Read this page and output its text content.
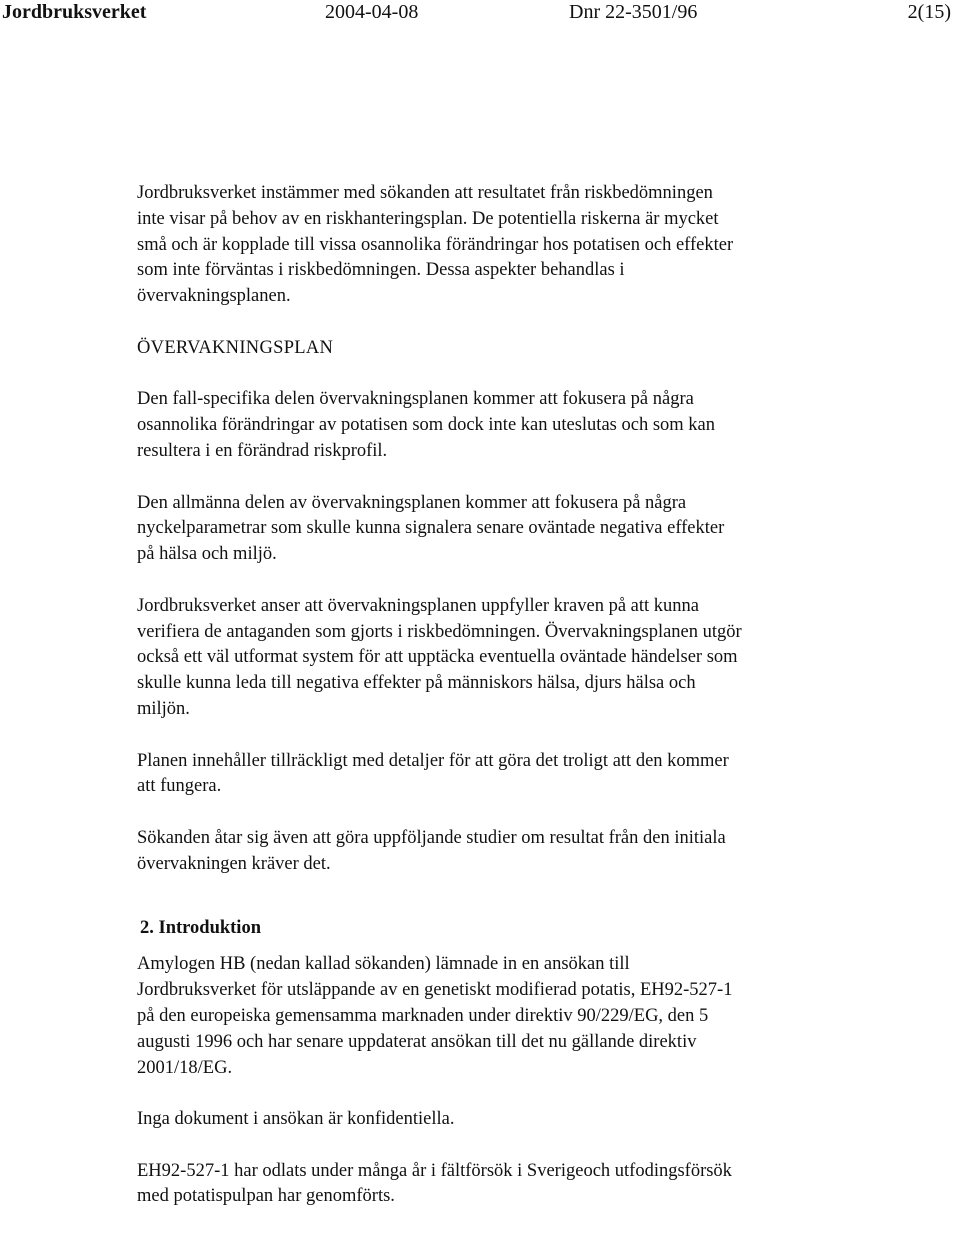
Jordbruksverket	2004-04-08	Dnr 22-3501/96	2(15)

Jordbruksverket instämmer med sökanden att resultatet från riskbedömningen
inte visar på behov av en riskhanteringsplan. De potentiella riskerna är mycket
små och är kopplade till vissa osannolika förändringar hos potatisen och effekter
som inte förväntas i riskbedömningen. Dessa aspekter behandlas i
övervakningsplanen.

ÖVERVAKNINGSPLAN

Den fall-specifika delen övervakningsplanen kommer att fokusera på några
osannolika förändringar av potatisen som dock inte kan uteslutas och som kan
resultera i en förändrad riskprofil.

Den allmänna delen av övervakningsplanen kommer att fokusera på några
nyckelparametrar som skulle kunna signalera senare oväntade negativa effekter
på hälsa och miljö.

Jordbruksverket anser att övervakningsplanen uppfyller kraven på att kunna
verifiera de antaganden som gjorts i riskbedömningen. Övervakningsplanen utgör
också ett väl utformat system för att upptäcka eventuella oväntade händelser som
skulle kunna leda till negativa effekter på människors hälsa, djurs hälsa och
miljön.

Planen innehåller tillräckligt med detaljer för att göra det troligt att den kommer
att fungera.

Sökanden åtar sig även att göra uppföljande studier om resultat från den initiala
övervakningen kräver det.

2. Introduktion

Amylogen HB (nedan kallad sökanden) lämnade in en ansökan till
Jordbruksverket för utsläppande av en genetiskt modifierad potatis, EH92-527-1
på den europeiska gemensamma marknaden under direktiv 90/229/EG, den 5
augusti 1996 och har senare uppdaterat ansökan till det nu gällande direktiv
2001/18/EG.

Inga dokument i ansökan är konfidentiella.

EH92-527-1 har odlats under många år i fältförsök i Sverigeoch utfodingsförsök
med potatispulpan har genomförts.
